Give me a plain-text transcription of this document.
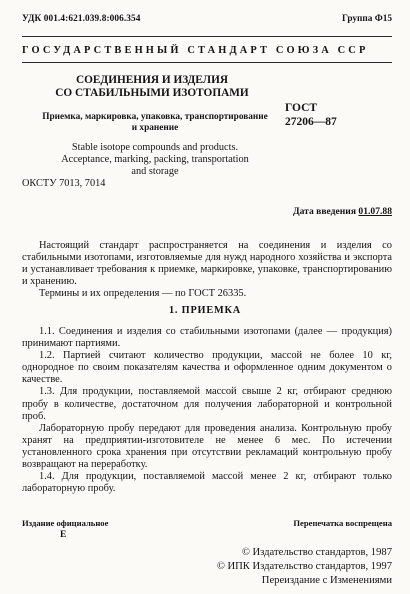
УДК 001.4:621.039.8:006.354	Группа Ф15
ГОСУДАРСТВЕННЫЙ СТАНДАРТ СОЮЗА ССР
СОЕДИНЕНИЯ И ИЗДЕЛИЯ
СО СТАБИЛЬНЫМИ ИЗОТОПАМИ
Приемка, маркировка, упаковка, транспортирование
и хранение
Stable isotope compounds and products.
Acceptance, marking, packing, transportation
and storage
ГОСТ
27206—87
ОКСТУ 7013, 7014
Дата введения 01.07.88

Настоящий стандарт распространяется на соединения и изделия со стабильными изотопами, изготовляемые для нужд народного хозяйства и экспорта и устанавливает требования к приемке, маркировке, упаковке, транспортированию и хранению.

Термины и их определения — по ГОСТ 26335.

1. ПРИЕМКА

1.1. Соединения и изделия со стабильными изотопами (далее — продукция) принимают партиями.

1.2. Партией считают количество продукции, массой не более 10 кг, однородное по своим показателям качества и оформленное одним документом о качестве.

1.3. Для продукции, поставляемой массой свыше 2 кг, отбирают среднюю пробу в количестве, достаточном для получения лабораторной и контрольной проб.

Лабораторную пробу передают для проведения анализа. Контрольную пробу хранят на предприятии-изготовителе не менее 6 мес. По истечении установленного срока хранения при отсутствии рекламаций контрольную пробу возвращают на переработку.

1.4. Для продукции, поставляемой массой менее 2 кг, отбирают только лабораторную пробу.

Издание официальное
Е
Перепечатка воспрещена
© Издательство стандартов, 1987
© ИПК Издательство стандартов, 1997
Переиздание с Изменениями
